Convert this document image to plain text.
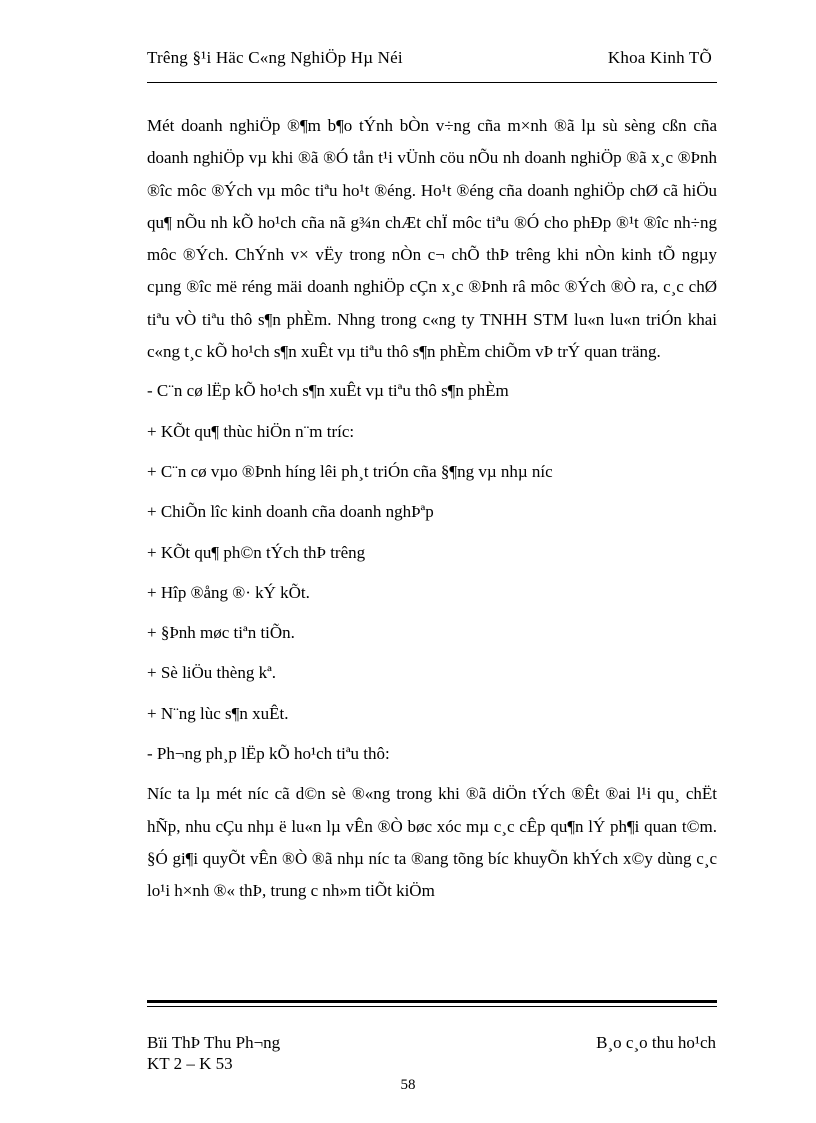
Trêng §¹i Häc C«ng NghiÖp Hµ Néi	Khoa Kinh TÕ

Mét doanh nghiÖp ®¶m b¶o tÝnh bÒn v÷ng cña m×nh ®ã lµ sù sèng cßn cña doanh nghiÖp vµ khi ®ã ®Ó tån t¹i vÜnh cöu nÕu nh doanh nghiÖp ®ã x¸c ®Þnh ®îc môc ®Ých vµ môc tiªu ho¹t ®éng. Ho¹t ®éng cña doanh nghiÖp chØ cã hiÖu qu¶ nÕu nh kÕ ho¹ch cña nã g¾n chÆt chÏ môc tiªu ®Ó cho phÐp ®¹t ®îc nh÷ng môc ®Ých. ChÝnh v× vËy trong nÒn c¬ chÕ thÞ trêng khi nÒn kinh tÕ ngµy cµng ®îc më réng mäi doanh nghiÖp cÇn x¸c ®Þnh râ môc ®Ých ®Ò ra, c¸c chØ tiªu vÒ tiªu thô s¶n phÈm. Nhng trong c«ng ty TNHH STM lu«n lu«n triÓn khai c«ng t¸c kÕ ho¹ch s¶n xuÊt vµ tiªu thô s¶n phÈm chiÕm vÞ trÝ quan träng.

- C¨n cø lËp kÕ ho¹ch s¶n xuÊt vµ tiªu thô s¶n phÈm
+ KÕt qu¶ thùc hiÖn n¨m tríc:
+ C¨n cø vµo ®Þnh híng lêi ph¸t triÓn cña §¶ng vµ nhµ níc
+ ChiÕn lîc kinh doanh cña doanh nghÞªp
+ KÕt qu¶ ph©n tÝch thÞ trêng
+ Hîp ®ång ®· kÝ kÕt.
+ §Þnh møc tiªn tiÕn.
+ Sè liÖu thèng kª.
+ N¨ng lùc s¶n xuÊt.
- Ph¬ng ph¸p lËp kÕ ho¹ch tiªu thô:

Níc ta lµ mét níc cã d©n sè ®«ng trong khi ®ã diÖn tÝch ®Êt ®ai l¹i qu¸ chËt hÑp, nhu cÇu nhµ ë lu«n lµ vÊn ®Ò bøc xóc mµ c¸c cÊp qu¶n lÝ ph¶i quan t©m. §Ó gi¶i quyÕt vÊn ®Ò ®ã nhµ níc ta ®ang tõng bíc khuyÕn khÝch x©y dùng c¸c lo¹i h×nh ®« thÞ, trung c nh»m tiÕt kiÖm

Bïi ThÞ Thu Ph¬ng
KT 2 – K 53
B¸o c¸o thu ho¹ch
58
